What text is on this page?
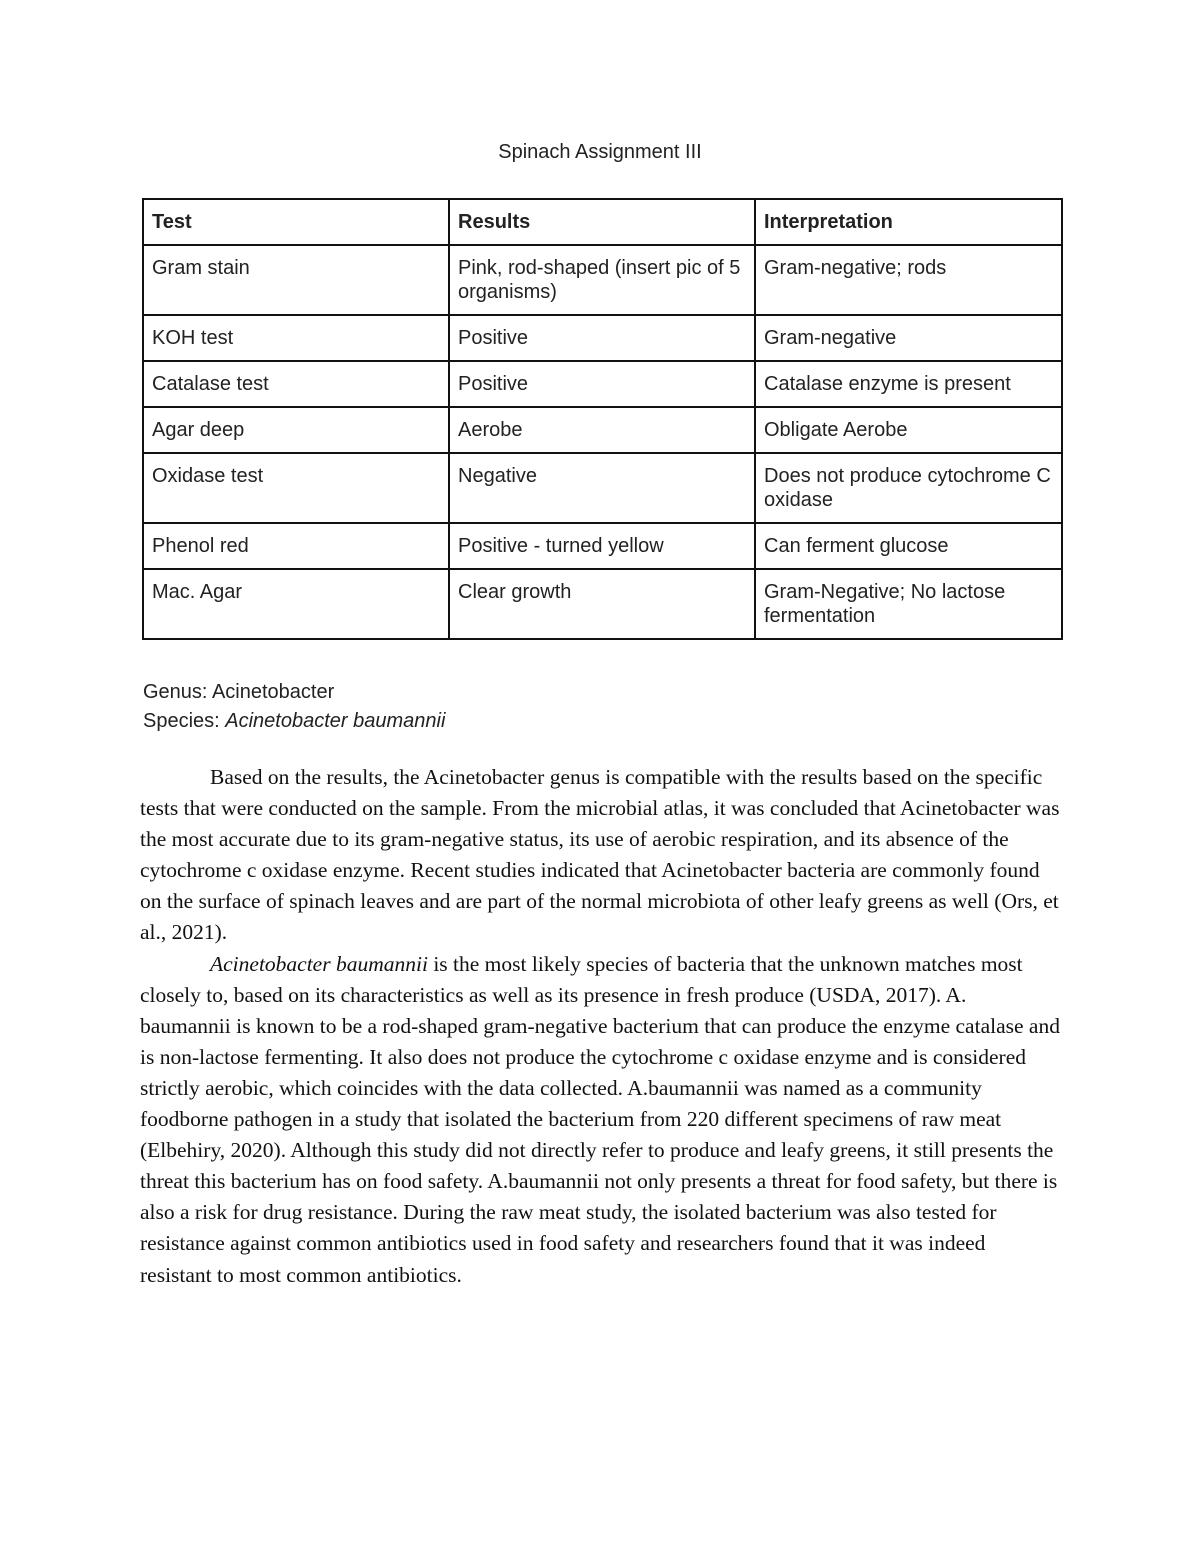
Spinach Assignment III
Test	Results	Interpretation
Gram stain	Pink, rod-shaped (insert pic of 5 organisms)	Gram-negative; rods
KOH test	Positive	Gram-negative
Catalase test	Positive	Catalase enzyme is present
Agar deep	Aerobe	Obligate Aerobe
Oxidase test	Negative	Does not produce cytochrome C oxidase
Phenol red	Positive - turned yellow	Can ferment glucose
Mac. Agar	Clear growth	Gram-Negative; No lactose fermentation
Genus: Acinetobacter
Species: Acinetobacter baumannii

Based on the results, the Acinetobacter genus is compatible with the results based on the specific tests that were conducted on the sample. From the microbial atlas, it was concluded that Acinetobacter was the most accurate due to its gram-negative status, its use of aerobic respiration, and its absence of the cytochrome c oxidase enzyme. Recent studies indicated that Acinetobacter bacteria are commonly found on the surface of spinach leaves and are part of the normal microbiota of other leafy greens as well (Ors, et al., 2021).

Acinetobacter baumannii is the most likely species of bacteria that the unknown matches most closely to, based on its characteristics as well as its presence in fresh produce (USDA, 2017). A. baumannii is known to be a rod-shaped gram-negative bacterium that can produce the enzyme catalase and is non-lactose fermenting. It also does not produce the cytochrome c oxidase enzyme and is considered strictly aerobic, which coincides with the data collected. A.baumannii was named as a community foodborne pathogen in a study that isolated the bacterium from 220 different specimens of raw meat (Elbehiry, 2020). Although this study did not directly refer to produce and leafy greens, it still presents the threat this bacterium has on food safety. A.baumannii not only presents a threat for food safety, but there is also a risk for drug resistance. During the raw meat study, the isolated bacterium was also tested for resistance against common antibiotics used in food safety and researchers found that it was indeed resistant to most common antibiotics.
